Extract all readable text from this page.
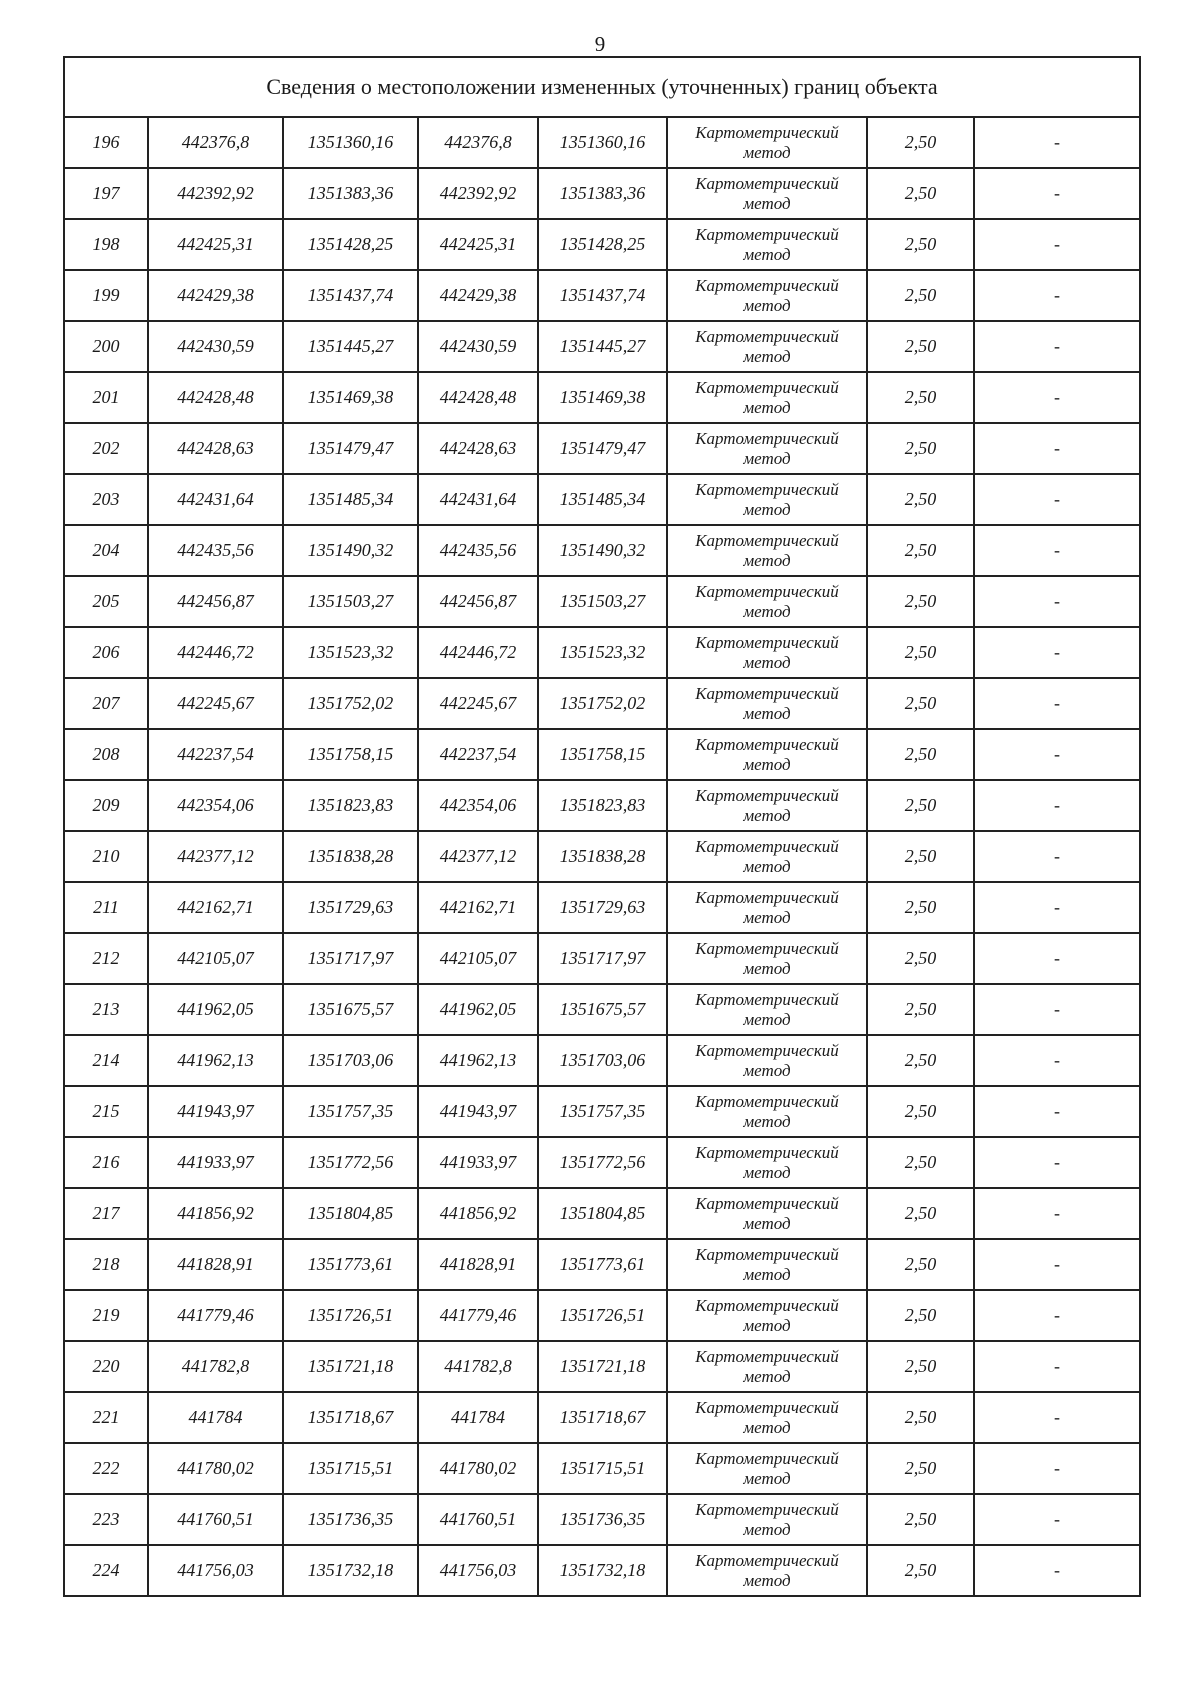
9
Сведения о местоположении измененных (уточненных) границ объекта							
196	442376,8	1351360,16	442376,8	1351360,16	Картометрический
метод	2,50	-
197	442392,92	1351383,36	442392,92	1351383,36	Картометрический
метод	2,50	-
198	442425,31	1351428,25	442425,31	1351428,25	Картометрический
метод	2,50	-
199	442429,38	1351437,74	442429,38	1351437,74	Картометрический
метод	2,50	-
200	442430,59	1351445,27	442430,59	1351445,27	Картометрический
метод	2,50	-
201	442428,48	1351469,38	442428,48	1351469,38	Картометрический
метод	2,50	-
202	442428,63	1351479,47	442428,63	1351479,47	Картометрический
метод	2,50	-
203	442431,64	1351485,34	442431,64	1351485,34	Картометрический
метод	2,50	-
204	442435,56	1351490,32	442435,56	1351490,32	Картометрический
метод	2,50	-
205	442456,87	1351503,27	442456,87	1351503,27	Картометрический
метод	2,50	-
206	442446,72	1351523,32	442446,72	1351523,32	Картометрический
метод	2,50	-
207	442245,67	1351752,02	442245,67	1351752,02	Картометрический
метод	2,50	-
208	442237,54	1351758,15	442237,54	1351758,15	Картометрический
метод	2,50	-
209	442354,06	1351823,83	442354,06	1351823,83	Картометрический
метод	2,50	-
210	442377,12	1351838,28	442377,12	1351838,28	Картометрический
метод	2,50	-
211	442162,71	1351729,63	442162,71	1351729,63	Картометрический
метод	2,50	-
212	442105,07	1351717,97	442105,07	1351717,97	Картометрический
метод	2,50	-
213	441962,05	1351675,57	441962,05	1351675,57	Картометрический
метод	2,50	-
214	441962,13	1351703,06	441962,13	1351703,06	Картометрический
метод	2,50	-
215	441943,97	1351757,35	441943,97	1351757,35	Картометрический
метод	2,50	-
216	441933,97	1351772,56	441933,97	1351772,56	Картометрический
метод	2,50	-
217	441856,92	1351804,85	441856,92	1351804,85	Картометрический
метод	2,50	-
218	441828,91	1351773,61	441828,91	1351773,61	Картометрический
метод	2,50	-
219	441779,46	1351726,51	441779,46	1351726,51	Картометрический
метод	2,50	-
220	441782,8	1351721,18	441782,8	1351721,18	Картометрический
метод	2,50	-
221	441784	1351718,67	441784	1351718,67	Картометрический
метод	2,50	-
222	441780,02	1351715,51	441780,02	1351715,51	Картометрический
метод	2,50	-
223	441760,51	1351736,35	441760,51	1351736,35	Картометрический
метод	2,50	-
224	441756,03	1351732,18	441756,03	1351732,18	Картометрический
метод	2,50	-
